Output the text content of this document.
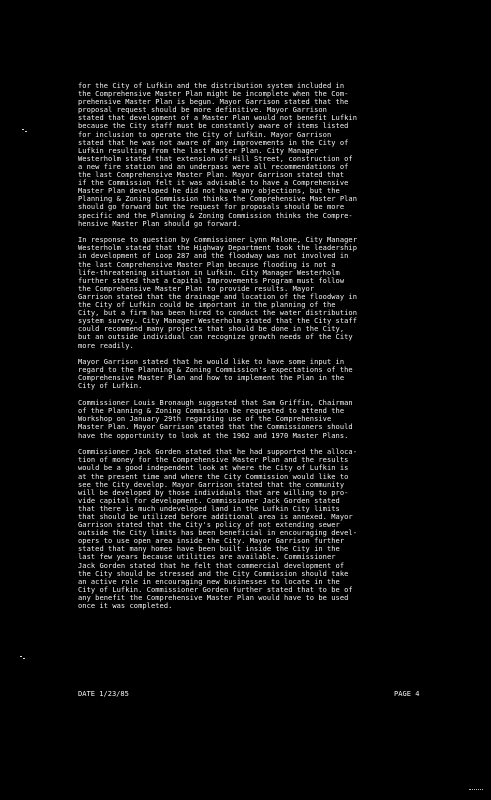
for the City of Lufkin and the distribution system included in
the Comprehensive Master Plan might be incomplete when the Com-
prehensive Master Plan is begun. Mayor Garrison stated that the
proposal request should be more definitive. Mayor Garrison
stated that development of a Master Plan would not benefit Lufkin
because the City staff must be constantly aware of items listed
for inclusion to operate the City of Lufkin. Mayor Garrison
stated that he was not aware of any improvements in the City of
Lufkin resulting from the last Master Plan. City Manager
Westerholm stated that extension of Hill Street, construction of
a new fire station and an underpass were all recommendations of
the last Comprehensive Master Plan. Mayor Garrison stated that
if the Commission felt it was advisable to have a Comprehensive
Master Plan developed he did not have any objections, but the
Planning & Zoning Commission thinks the Comprehensive Master Plan
should go forward but the request for proposals should be more
specific and the Planning & Zoning Commission thinks the Compre-
hensive Master Plan should go forward.
In response to question by Commissioner Lynn Malone, City Manager
Westerholm stated that the Highway Department took the leadership
in development of Loop 287 and the floodway was not involved in
the last Comprehensive Master Plan because flooding is not a
life-threatening situation in Lufkin. City Manager Westerholm
further stated that a Capital Improvements Program must follow
the Comprehensive Master Plan to provide results. Mayor
Garrison stated that the drainage and location of the floodway in
the City of Lufkin could be important in the planning of the
City, but a firm has been hired to conduct the water distribution
system survey. City Manager Westerholm stated that the City staff
could recommend many projects that should be done in the City,
but an outside individual can recognize growth needs of the City
more readily.
Mayor Garrison stated that he would like to have some input in
regard to the Planning & Zoning Commission's expectations of the
Comprehensive Master Plan and how to implement the Plan in the
City of Lufkin.
Commissioner Louis Bronaugh suggested that Sam Griffin, Chairman
of the Planning & Zoning Commission be requested to attend the
Workshop on January 29th regarding use of the Comprehensive
Master Plan. Mayor Garrison stated that the Commissioners should
have the opportunity to look at the 1962 and 1970 Master Plans.
Commissioner Jack Gorden stated that he had supported the alloca-
tion of money for the Comprehensive Master Plan and the results
would be a good independent look at where the City of Lufkin is
at the present time and where the City Commission would like to
see the City develop. Mayor Garrison stated that the community
will be developed by those individuals that are willing to pro-
vide capital for development. Commissioner Jack Gorden stated
that there is much undeveloped land in the Lufkin City limits
that should be utilized before additional area is annexed. Mayor
Garrison stated that the City's policy of not extending sewer
outside the City limits has been beneficial in encouraging devel-
opers to use open area inside the City. Mayor Garrison further
stated that many homes have been built inside the City in the
last few years because utilities are available. Commissioner
Jack Gorden stated that he felt that commercial development of
the City should be stressed and the City Commission should take
an active role in encouraging new businesses to locate in the
City of Lufkin. Commissioner Gorden further stated that to be of
any benefit the Comprehensive Master Plan would have to be used
once it was completed.
DATE 1/23/85	PAGE 4
